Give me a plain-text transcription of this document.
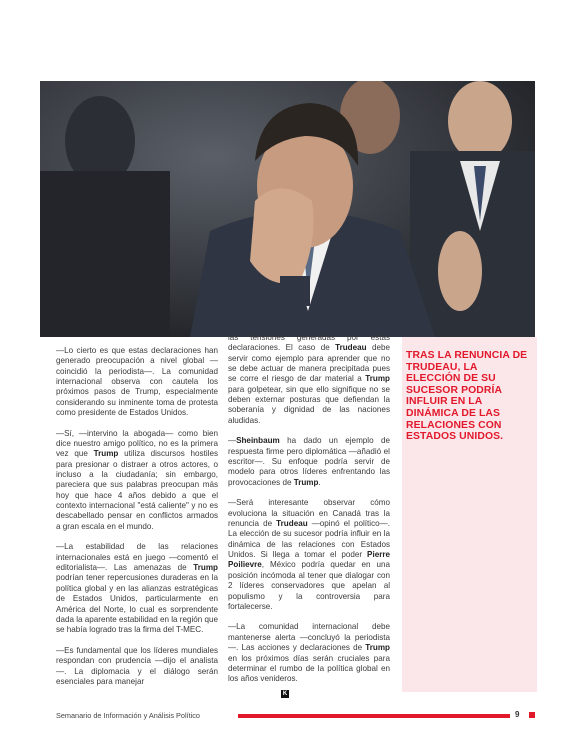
—Lo cierto es que estas declaraciones han generado preocupación a nivel global —coincidió la periodista—. La comunidad internacional observa con cautela los próximos pasos de Trump, especialmente considerando su inminente toma de protesta como presidente de Estados Unidos.

—Sí, —intervino la abogada— como bien dice nuestro amigo político, no es la primera vez que Trump utiliza discursos hostiles para presionar o distraer a otros actores, o incluso a la ciudadanía; sin embargo, pareciera que sus palabras preocupan más hoy que hace 4 años debido a que el contexto internacional "está caliente" y no es descabellado pensar en conflictos armados a gran escala en el mundo.

—La estabilidad de las relaciones internacionales está en juego —comentó el editorialista—. Las amenazas de Trump podrían tener repercusiones duraderas en la política global y en las alianzas estratégicas de Estados Unidos, particularmente en América del Norte, lo cual es sorprendente dada la aparente estabilidad en la región que se había logrado tras la firma del T-MEC.

—Es fundamental que los líderes mundiales respondan con prudencia —dijo el analista—. La diplomacia y el diálogo serán esenciales para manejar

las tensiones generadas por estas declaraciones. El caso de Trudeau debe servir como ejemplo para aprender que no se debe actuar de manera precipitada pues se corre el riesgo de dar material a Trump para golpetear, sin que ello signifique no se deben externar posturas que defiendan la soberanía y dignidad de las naciones aludidas.

—Sheinbaum ha dado un ejemplo de respuesta firme pero diplomática —añadió el escritor—. Su enfoque podría servir de modelo para otros líderes enfrentando las provocaciones de Trump.

—Será interesante observar cómo evoluciona la situación en Canadá tras la renuncia de Trudeau —opinó el político—. La elección de su sucesor podría influir en la dinámica de las relaciones con Estados Unidos. Si llega a tomar el poder Pierre Poilievre, México podría quedar en una posición incómoda al tener que dialogar con 2 líderes conservadores que apelan al populismo y la controversia para fortalecerse.

—La comunidad internacional debe mantenerse alerta —concluyó la periodista—. Las acciones y declaraciones de Trump en los próximos días serán cruciales para determinar el rumbo de la política global en los años venideros.

K
TRAS LA RENUNCIA DE TRUDEAU, LA ELECCIÓN DE SU SUCESOR PODRÍA INFLUIR EN LA DINÁMICA DE LAS RELACIONES CON ESTADOS UNIDOS.
Semanario de Información y Análisis Político	9
